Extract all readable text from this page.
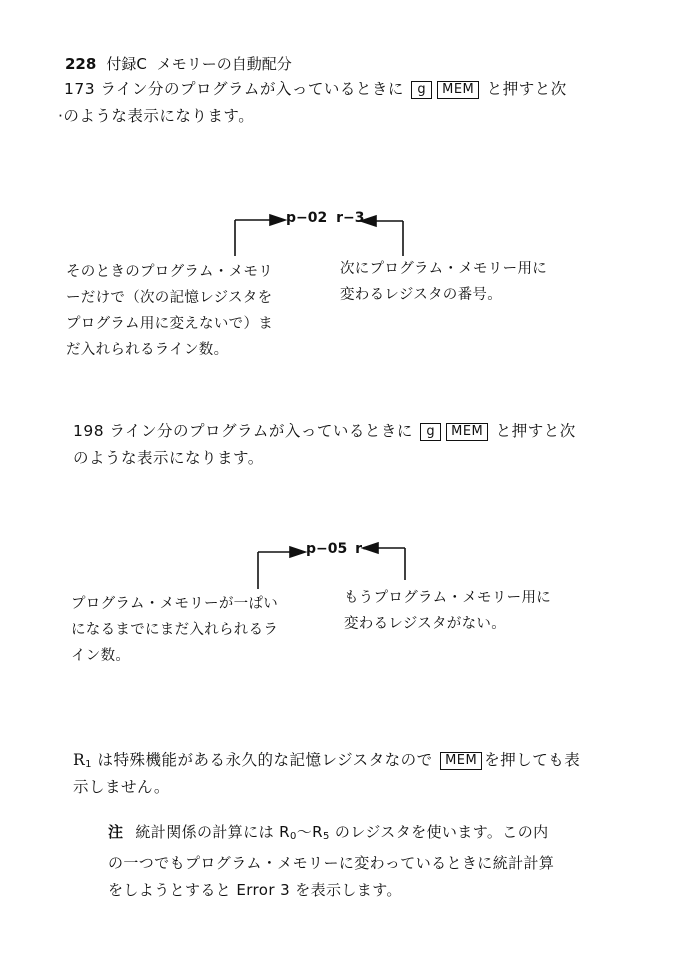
228 付録C メモリーの自動配分
173 ライン分のプログラムが入っているときに g MEM と押すと次
·のような表示になります。
p−02 r−3
そのときのプログラム・メモリ
ーだけで（次の記憶レジスタを
プログラム用に変えないで）ま
だ入れられるライン数。
次にプログラム・メモリー用に
変わるレジスタの番号。
198 ライン分のプログラムが入っているときに g MEM と押すと次
のような表示になります。
p−05 r−
プログラム・メモリーが一ぱい
になるまでにまだ入れられるラ
イン数。
もうプログラム・メモリー用に
変わるレジスタがない。
$R_1$ は特殊機能がある永久的な記憶レジスタなので MEM を押しても表
示しません。
注 統計関係の計算には $R_0$〜$R_5$ のレジスタを使います。この内
の一つでもプログラム・メモリーに変わっているときに統計計算
をしようとすると Error 3 を表示します。
